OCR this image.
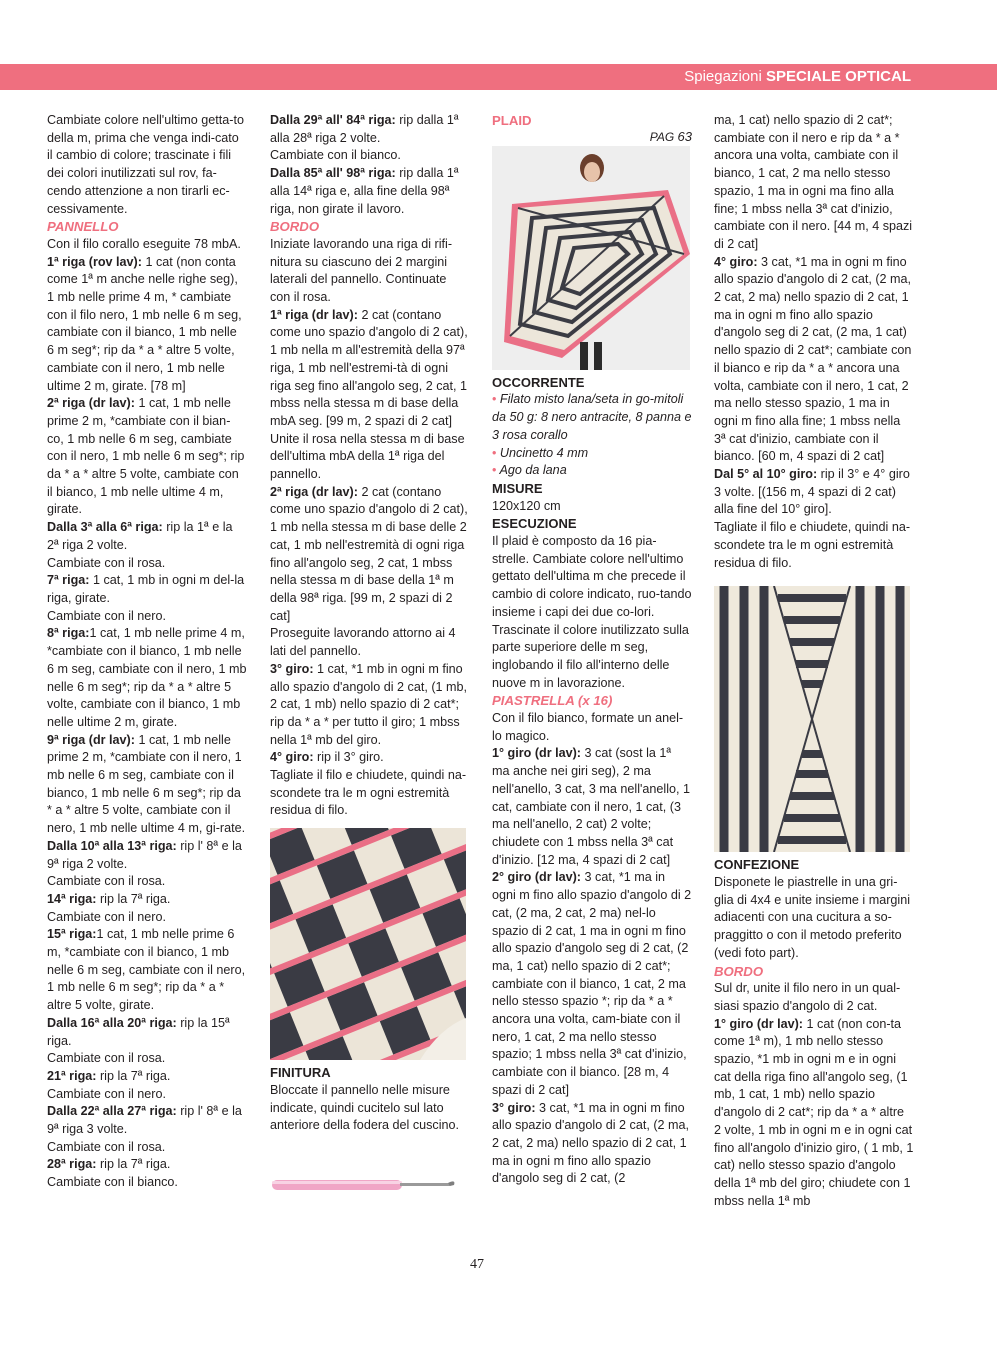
Spiegazioni SPECIALE OPTICAL

Cambiate colore nell'ultimo getta-to della m, prima che venga indi-cato il cambio di colore; trascinate i fili dei colori inutilizzati sul rov, fa-cendo attenzione a non tirarli ec-cessivamente.

PANNELLO

Con il filo corallo eseguite 78 mbA.

1ª riga (rov lav): 1 cat (non conta come 1ª m anche nelle righe seg), 1 mb nelle prime 4 m, * cambiate con il filo nero, 1 mb nelle 6 m seg, cambiate con il bianco, 1 mb nelle 6 m seg*; rip da * a * altre 5 volte, cambiate con il nero, 1 mb nelle ultime 2 m, girate. [78 m]

2ª riga (dr lav): 1 cat, 1 mb nelle prime 2 m, *cambiate con il bian-co, 1 mb nelle 6 m seg, cambiate con il nero, 1 mb nelle 6 m seg*; rip da * a * altre 5 volte, cambiate con il bianco, 1 mb nelle ultime 4 m, girate.

Dalla 3ª alla 6ª riga: rip la 1ª e la 2ª riga 2 volte.

Cambiate con il rosa.

7ª riga: 1 cat, 1 mb in ogni m del-la riga, girate.

Cambiate con il nero.

8ª riga:1 cat, 1 mb nelle prime 4 m, *cambiate con il bianco, 1 mb nelle 6 m seg, cambiate con il nero, 1 mb nelle 6 m seg*; rip da * a * altre 5 volte, cambiate con il bianco, 1 mb nelle ultime 2 m, girate.

9ª riga (dr lav): 1 cat, 1 mb nelle prime 2 m, *cambiate con il nero, 1 mb nelle 6 m seg, cambiate con il bianco, 1 mb nelle 6 m seg*; rip da * a * altre 5 volte, cambiate con il nero, 1 mb nelle ultime 4 m, gi-rate.

Dalla 10ª alla 13ª riga: rip l' 8ª e la 9ª riga 2 volte.

Cambiate con il rosa.

14ª riga: rip la 7ª riga.

Cambiate con il nero.

15ª riga:1 cat, 1 mb nelle prime 6 m, *cambiate con il bianco, 1 mb nelle 6 m seg, cambiate con il nero, 1 mb nelle 6 m seg*; rip da * a * altre 5 volte, girate.

Dalla 16ª alla 20ª riga: rip la 15ª riga.

Cambiate con il rosa.

21ª riga: rip la 7ª riga.

Cambiate con il nero.

Dalla 22ª alla 27ª riga: rip l' 8ª e la 9ª riga 3 volte.

Cambiate con il rosa.

28ª riga: rip la 7ª riga.

Cambiate con il bianco.

Dalla 29ª all' 84ª riga: rip dalla 1ª alla 28ª riga 2 volte.

Cambiate con il bianco.

Dalla 85ª all' 98ª riga: rip dalla 1ª alla 14ª riga e, alla fine della 98ª riga, non girate il lavoro.

BORDO

Iniziate lavorando una riga di rifi-nitura su ciascuno dei 2 margini laterali del pannello. Continuate con il rosa.

1ª riga (dr lav): 2 cat (contano come uno spazio d'angolo di 2 cat), 1 mb nella m all'estremità della 97ª riga, 1 mb nell'estremi-tà di ogni riga seg fino all'angolo seg, 2 cat, 1 mbss nella stessa m di base della mbA seg. [99 m, 2 spazi di 2 cat]

Unite il rosa nella stessa m di base dell'ultima mbA della 1ª riga del pannello.

2ª riga (dr lav): 2 cat (contano come uno spazio d'angolo di 2 cat), 1 mb nella stessa m di base delle 2 cat, 1 mb nell'estremità di ogni riga fino all'angolo seg, 2 cat, 1 mbss nella stessa m di base della 1ª m della 98ª riga. [99 m, 2 spazi di 2 cat]

Proseguite lavorando attorno ai 4 lati del pannello.

3° giro: 1 cat, *1 mb in ogni m fino allo spazio d'angolo di 2 cat, (1 mb, 2 cat, 1 mb) nello spazio di 2 cat*; rip da * a * per tutto il giro; 1 mbss nella 1ª mb del giro.

4° giro: rip il 3° giro.

Tagliate il filo e chiudete, quindi na-scondete tra le m ogni estremità residua di filo.

FINITURA

Bloccate il pannello nelle misure indicate, quindi cucitelo sul lato anteriore della fodera del cuscino.

PLAID

PAG 63

OCCORRENTE

• Filato misto lana/seta in go-mitoli da 50 g: 8 nero antracite, 8 panna e 3 rosa corallo

• Uncinetto 4 mm

• Ago da lana

MISURE

120x120 cm

ESECUZIONE

Il plaid è composto da 16 pia-strelle. Cambiate colore nell'ultimo gettato dell'ultima m che precede il cambio di colore indicato, ruo-tando insieme i capi dei due co-lori. Trascinate il colore inutilizzato sulla parte superiore delle m seg, inglobando il filo all'interno delle nuove m in lavorazione.

PIASTRELLA (x 16)

Con il filo bianco, formate un anel-lo magico.

1° giro (dr lav): 3 cat (sost la 1ª ma anche nei giri seg), 2 ma nell'anello, 3 cat, 3 ma nell'anello, 1 cat, cambiate con il nero, 1 cat, (3 ma nell'anello, 2 cat) 2 volte; chiudete con 1 mbss nella 3ª cat d'inizio. [12 ma, 4 spazi di 2 cat]

2° giro (dr lav): 3 cat, *1 ma in ogni m fino allo spazio d'angolo di 2 cat, (2 ma, 2 cat, 2 ma) nel-lo spazio di 2 cat, 1 ma in ogni m fino allo spazio d'angolo seg di 2 cat, (2 ma, 1 cat) nello spazio di 2 cat*; cambiate con il bianco, 1 cat, 2 ma nello stesso spazio *; rip da * a * ancora una volta, cam-biate con il nero, 1 cat, 2 ma nello stesso spazio; 1 mbss nella 3ª cat d'inizio, cambiate con il bianco. [28 m, 4 spazi di 2 cat]

3° giro: 3 cat, *1 ma in ogni m fino allo spazio d'angolo di 2 cat, (2 ma, 2 cat, 2 ma) nello spazio di 2 cat, 1 ma in ogni m fino allo spazio d'angolo seg di 2 cat, (2

ma, 1 cat) nello spazio di 2 cat*; cambiate con il nero e rip da * a * ancora una volta, cambiate con il bianco, 1 cat, 2 ma nello stesso spazio, 1 ma in ogni ma fino alla fine; 1 mbss nella 3ª cat d'inizio, cambiate con il nero. [44 m, 4 spazi di 2 cat]

4° giro: 3 cat, *1 ma in ogni m fino allo spazio d'angolo di 2 cat, (2 ma, 2 cat, 2 ma) nello spazio di 2 cat, 1 ma in ogni m fino allo spazio d'angolo seg di 2 cat, (2 ma, 1 cat) nello spazio di 2 cat*; cambiate con il bianco e rip da * a * ancora una volta, cambiate con il nero, 1 cat, 2 ma nello stesso spazio, 1 ma in ogni m fino alla fine; 1 mbss nella 3ª cat d'inizio, cambiate con il bianco. [60 m, 4 spazi di 2 cat]

Dal 5° al 10° giro: rip il 3° e 4° giro 3 volte. [(156 m, 4 spazi di 2 cat) alla fine del 10° giro].

Tagliate il filo e chiudete, quindi na-scondete tra le m ogni estremità residua di filo.

CONFEZIONE

Disponete le piastrelle in una gri-glia di 4x4 e unite insieme i margini adiacenti con una cucitura a so-praggitto o con il metodo preferito (vedi foto part).

BORDO

Sul dr, unite il filo nero in un qual-siasi spazio d'angolo di 2 cat.

1° giro (dr lav): 1 cat (non con-ta come 1ª m), 1 mb nello stesso spazio, *1 mb in ogni m e in ogni cat della riga fino all'angolo seg, (1 mb, 1 cat, 1 mb) nello spazio d'angolo di 2 cat*; rip da * a * altre 2 volte, 1 mb in ogni m e in ogni cat fino all'angolo d'inizio giro, ( 1 mb, 1 cat) nello stesso spazio d'angolo della 1ª mb del giro; chiudete con 1 mbss nella 1ª mb

47
